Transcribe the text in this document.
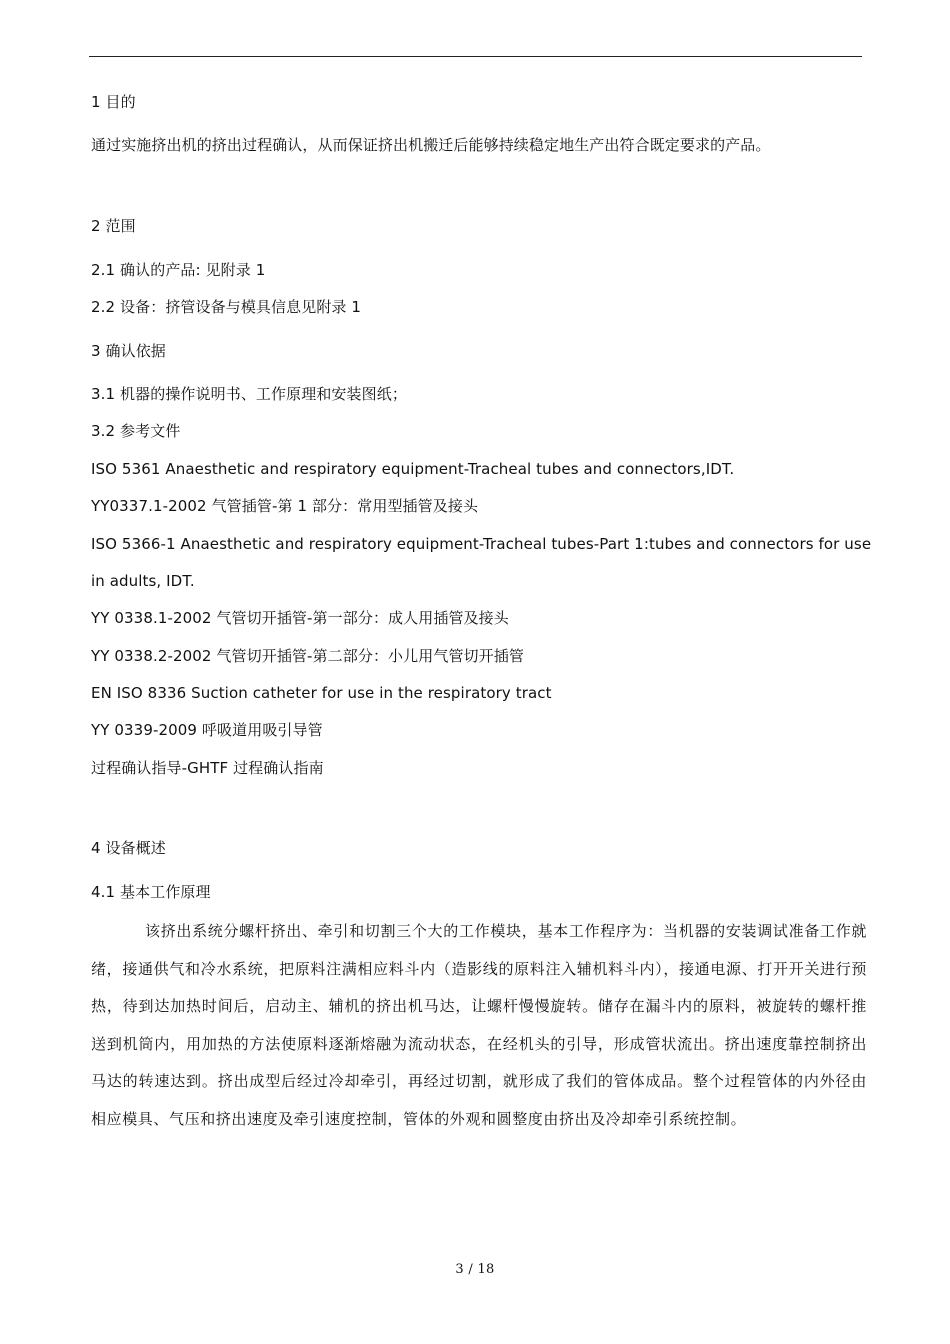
1 目的
通过实施挤出机的挤出过程确认，从而保证挤出机搬迁后能够持续稳定地生产出符合既定要求的产品。
2 范围
2.1 确认的产品: 见附录 1
2.2 设备：挤管设备与模具信息见附录 1
3 确认依据
3.1 机器的操作说明书、工作原理和安装图纸；
3.2 参考文件
ISO 5361 Anaesthetic and respiratory equipment-Tracheal tubes and connectors,IDT.
YY0337.1-2002 气管插管-第 1 部分：常用型插管及接头
ISO 5366-1 Anaesthetic and respiratory equipment-Tracheal tubes-Part 1:tubes and connectors for use
in adults, IDT.
YY 0338.1-2002 气管切开插管-第一部分：成人用插管及接头
YY 0338.2-2002 气管切开插管-第二部分：小儿用气管切开插管
EN ISO 8336 Suction catheter for use in the respiratory tract
YY 0339-2009 呼吸道用吸引导管
过程确认指导-GHTF 过程确认指南
4 设备概述
4.1 基本工作原理
该挤出系统分螺杆挤出、牵引和切割三个大的工作模块，基本工作程序为：当机器的安装调试准备工作就绪，接通供气和冷水系统，把原料注满相应料斗内（造影线的原料注入辅机料斗内），接通电源、打开开关进行预热，待到达加热时间后，启动主、辅机的挤出机马达，让螺杆慢慢旋转。储存在漏斗内的原料，被旋转的螺杆推送到机筒内，用加热的方法使原料逐渐熔融为流动状态，在经机头的引导，形成管状流出。挤出速度靠控制挤出马达的转速达到。挤出成型后经过冷却牵引，再经过切割，就形成了我们的管体成品。整个过程管体的内外径由相应模具、气压和挤出速度及牵引速度控制，管体的外观和圆整度由挤出及冷却牵引系统控制。
3 / 18
